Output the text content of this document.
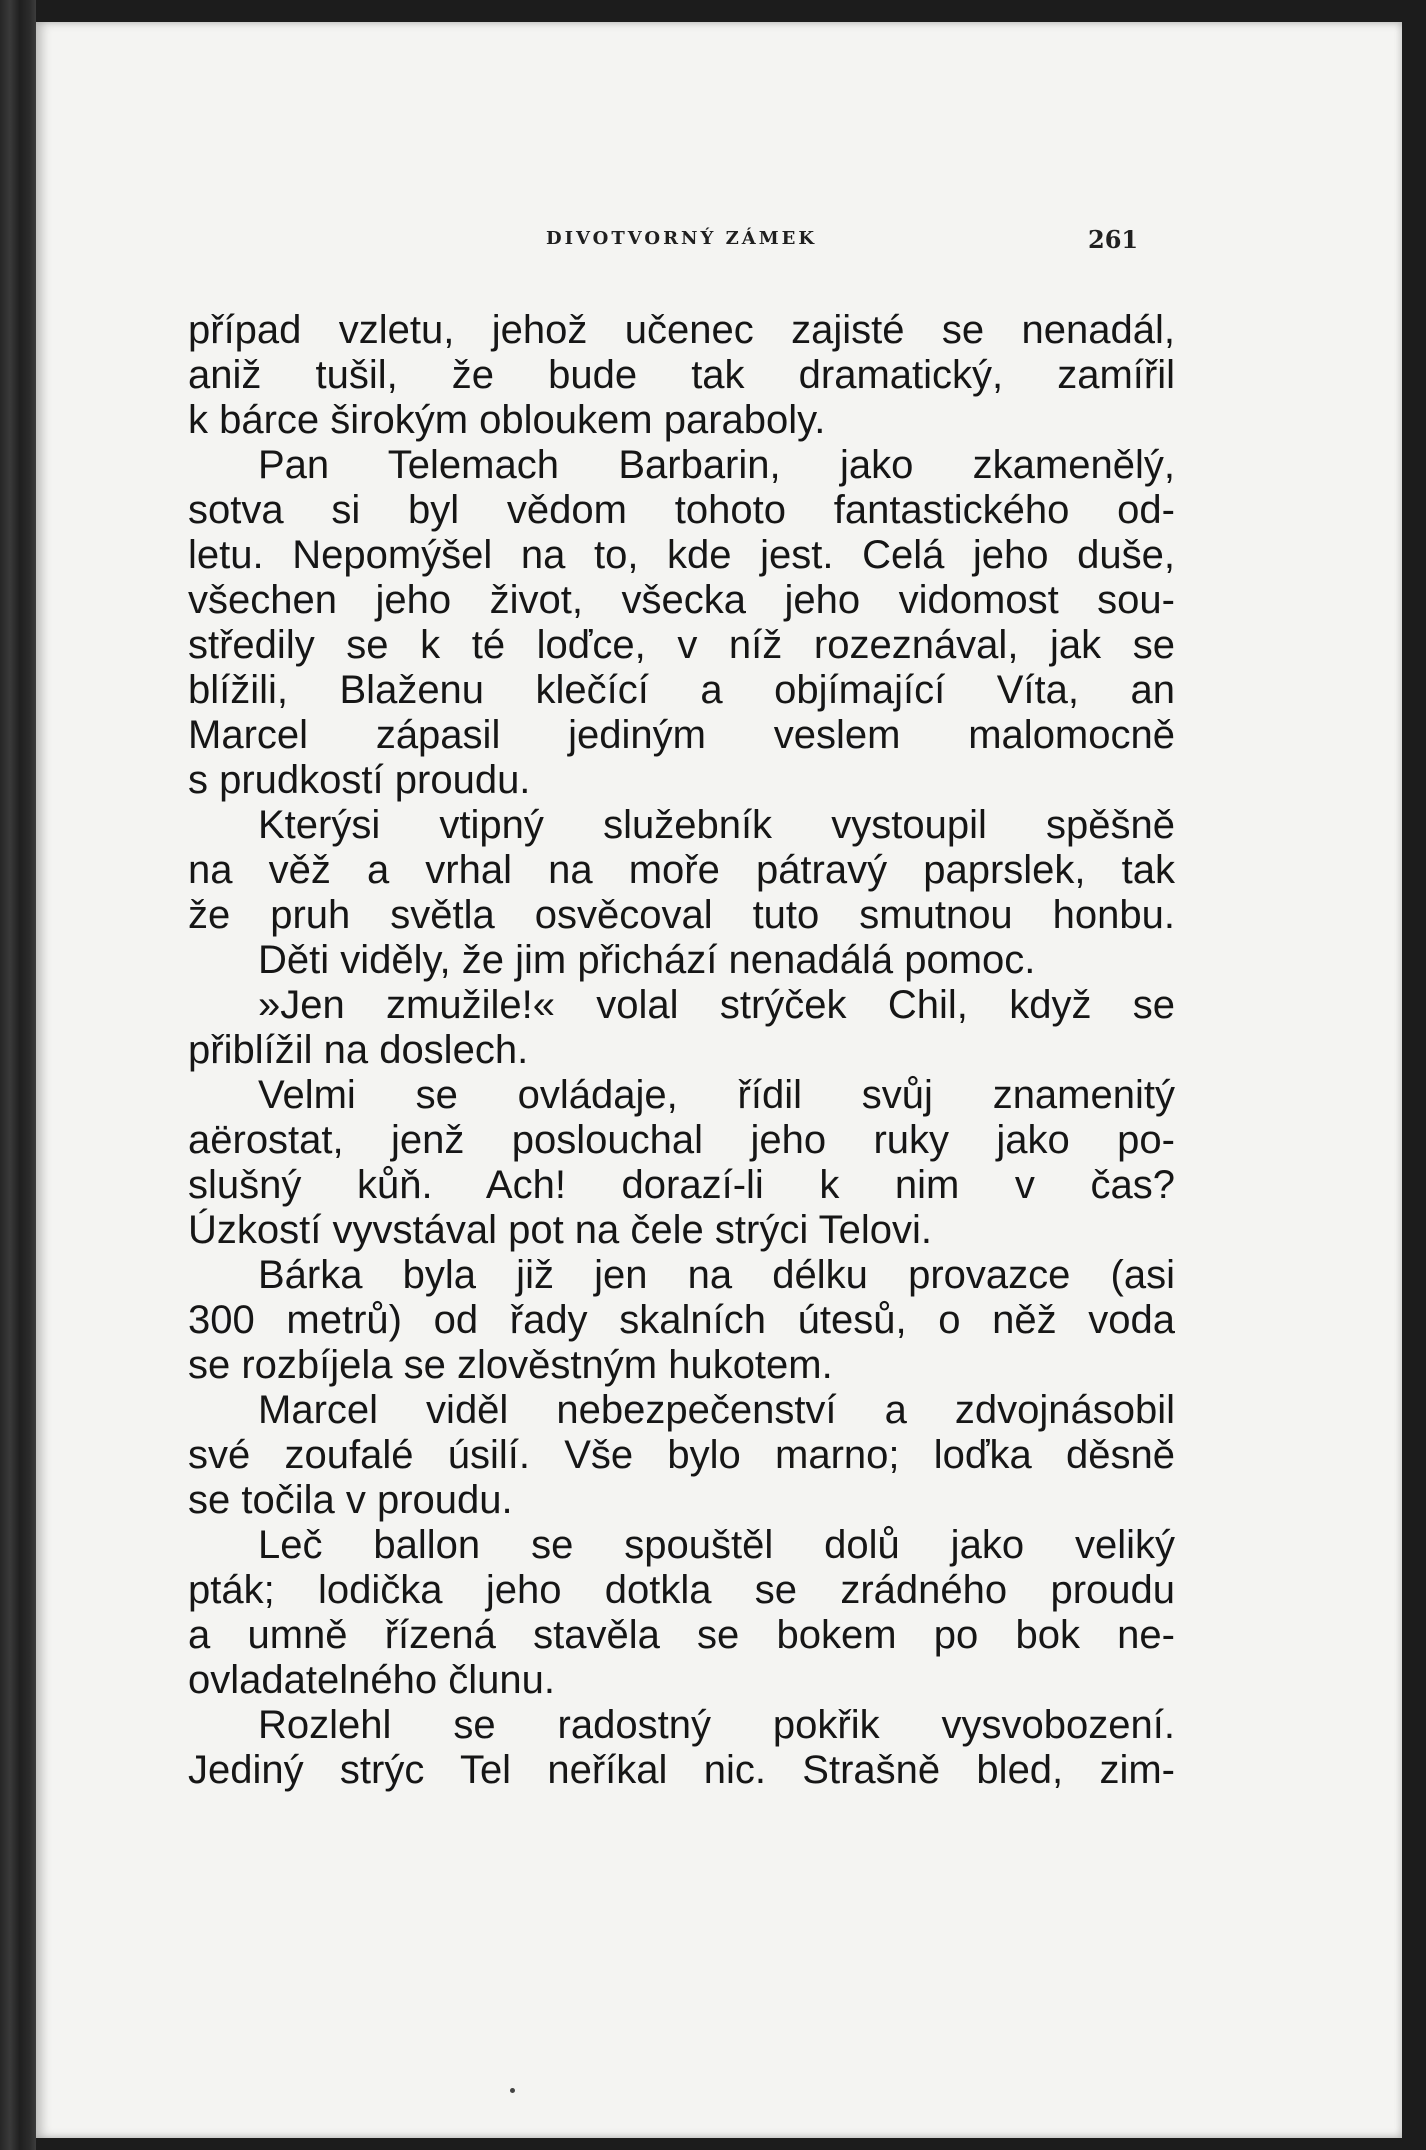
DIVOTVORNÝ ZÁMEK	261
případ vzletu, jehož učenec zajisté se nenadál,
aniž tušil, že bude tak dramatický, zamířil
k bárce širokým obloukem paraboly.
Pan Telemach Barbarin, jako zkamenělý,
sotva si byl vědom tohoto fantastického od-
letu. Nepomýšel na to, kde jest. Celá jeho duše,
všechen jeho život, všecka jeho vidomost sou-
středily se k té loďce, v níž rozeznával, jak se
blížili, Blaženu klečící a objímající Víta, an
Marcel zápasil jediným veslem malomocně
s prudkostí proudu.
Kterýsi vtipný služebník vystoupil spěšně
na věž a vrhal na moře pátravý paprslek, tak
že pruh světla osvěcoval tuto smutnou honbu.
Děti viděly, že jim přichází nenadálá pomoc.
»Jen zmužile!« volal strýček Chil, když se
přiblížil na doslech.
Velmi se ovládaje, řídil svůj znamenitý
aërostat, jenž poslouchal jeho ruky jako po-
slušný kůň. Ach! dorazí-li k nim v čas?
Úzkostí vyvstával pot na čele strýci Telovi.
Bárka byla již jen na délku provazce (asi
300 metrů) od řady skalních útesů, o něž voda
se rozbíjela se zlověstným hukotem.
Marcel viděl nebezpečenství a zdvojnásobil
své zoufalé úsilí. Vše bylo marno; loďka děsně
se točila v proudu.
Leč ballon se spouštěl dolů jako veliký
pták; lodička jeho dotkla se zrádného proudu
a umně řízená stavěla se bokem po bok ne-
ovladatelného člunu.
Rozlehl se radostný pokřik vysvobození.
Jediný strýc Tel neříkal nic. Strašně bled, zim-
